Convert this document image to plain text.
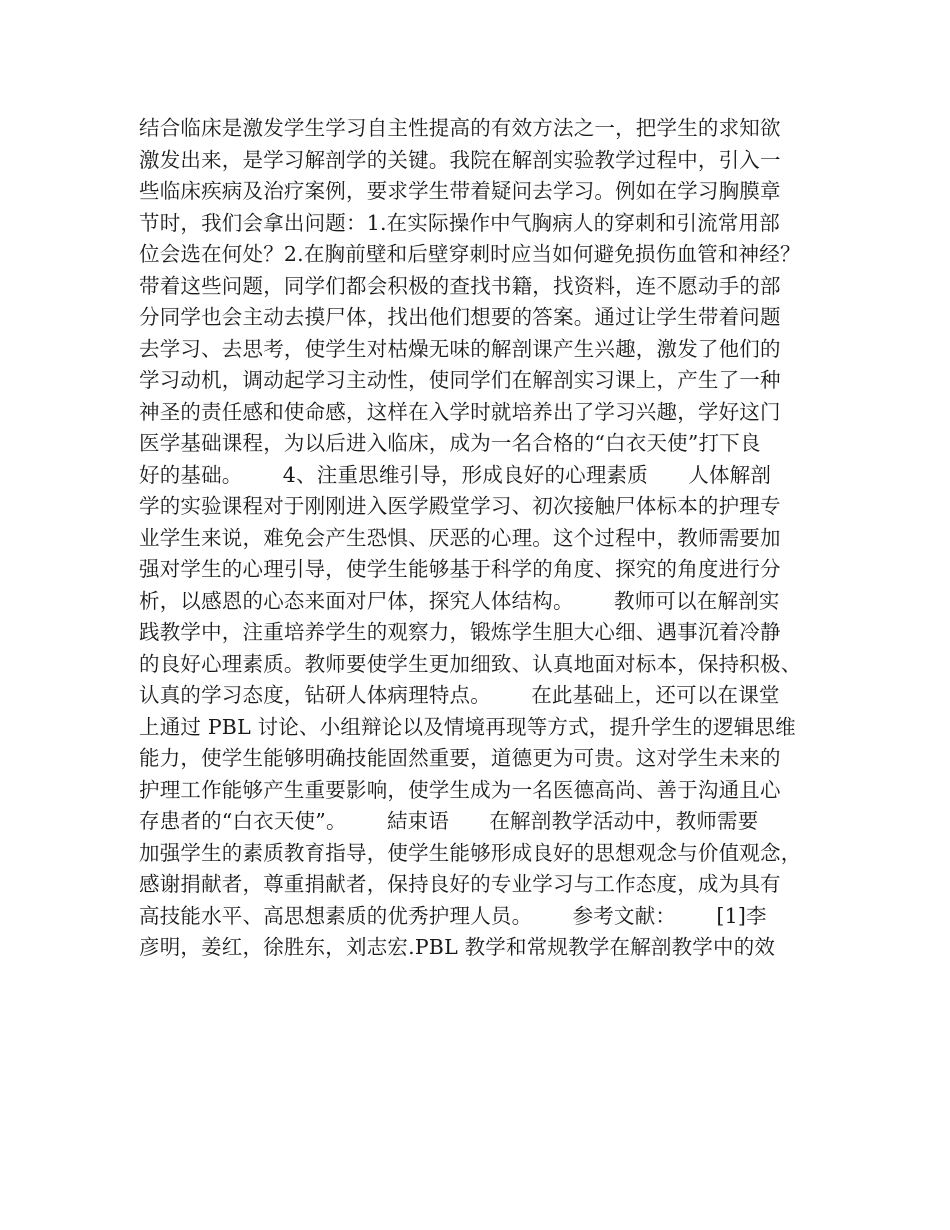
结合临床是激发学生学习自主性提高的有效方法之一，把学生的求知欲
激发出来，是学习解剖学的关键。我院在解剖实验教学过程中，引入一
些临床疾病及治疗案例，要求学生带着疑问去学习。例如在学习胸膜章
节时，我们会拿出问题：1.在实际操作中气胸病人的穿刺和引流常用部
位会选在何处？2.在胸前壁和后壁穿刺时应当如何避免损伤血管和神经？
带着这些问题，同学们都会积极的查找书籍，找资料，连不愿动手的部
分同学也会主动去摸尸体，找出他们想要的答案。通过让学生带着问题
去学习、去思考，使学生对枯燥无味的解剖课产生兴趣，激发了他们的
学习动机，调动起学习主动性，使同学们在解剖实习课上，产生了一种
神圣的责任感和使命感，这样在入学时就培养出了学习兴趣，学好这门
医学基础课程，为以后进入临床，成为一名合格的“白衣天使”打下良
好的基础。      4、注重思维引导，形成良好的心理素质      人体解剖
学的实验课程对于刚刚进入医学殿堂学习、初次接触尸体标本的护理专
业学生来说，难免会产生恐惧、厌恶的心理。这个过程中，教师需要加
强对学生的心理引导，使学生能够基于科学的角度、探究的角度进行分
析，以感恩的心态来面对尸体，探究人体结构。      教师可以在解剖实
践教学中，注重培养学生的观察力，锻炼学生胆大心细、遇事沉着冷静
的良好心理素质。教师要使学生更加细致、认真地面对标本，保持积极、
认真的学习态度，钻研人体病理特点。      在此基础上，还可以在课堂
上通过 PBL 讨论、小组辩论以及情境再现等方式，提升学生的逻辑思维
能力，使学生能够明确技能固然重要，道德更为可贵。这对学生未来的
护理工作能够产生重要影响，使学生成为一名医德高尚、善于沟通且心
存患者的“白衣天使”。      結束语      在解剖教学活动中，教师需要
加强学生的素质教育指导，使学生能够形成良好的思想观念与价值观念，
感谢捐献者，尊重捐献者，保持良好的专业学习与工作态度，成为具有
高技能水平、高思想素质的优秀护理人员。      参考文献：      [1]李
彦明，姜红，徐胜东，刘志宏.PBL 教学和常规教学在解剖教学中的效
